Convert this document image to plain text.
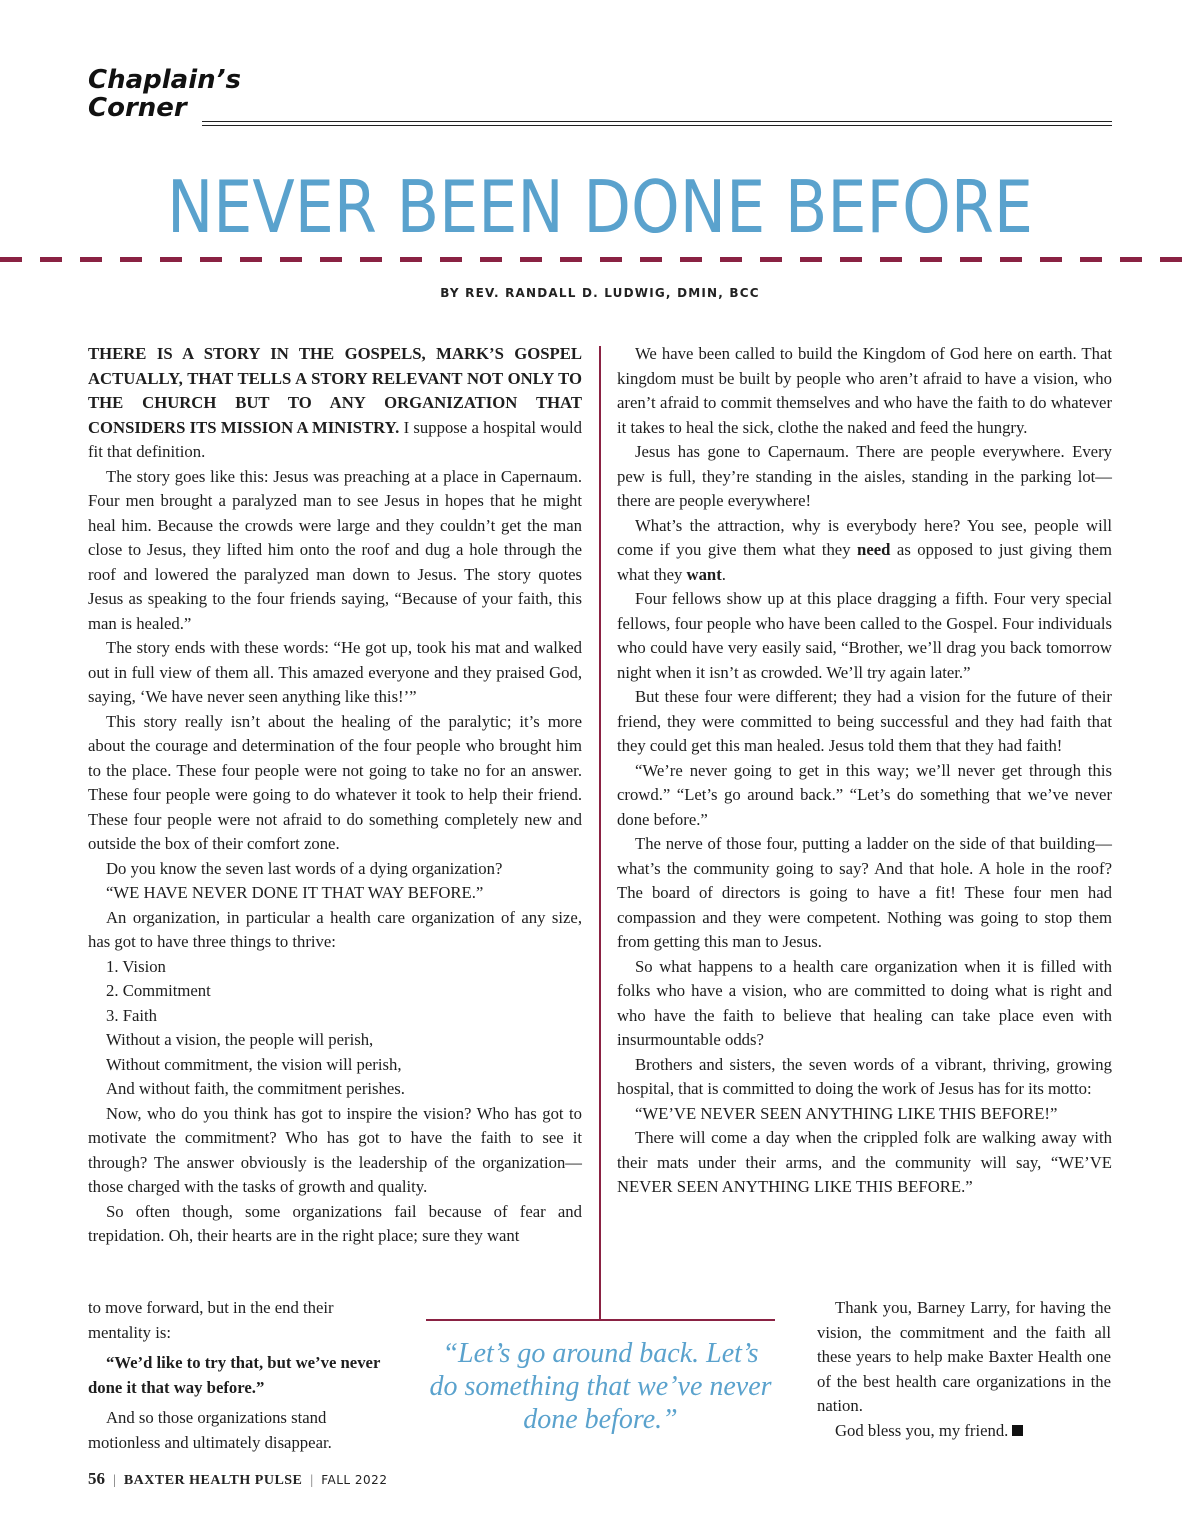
Chaplain’s
Corner
NEVER BEEN DONE BEFORE
BY REV. RANDALL D. LUDWIG, DMIN, BCC

THERE IS A STORY IN THE GOSPELS, MARK’S GOSPEL ACTUALLY, THAT TELLS A STORY RELEVANT NOT ONLY TO THE CHURCH BUT TO ANY ORGANIZATION THAT CONSIDERS ITS MISSION A MINISTRY. I suppose a hospital would fit that definition.

The story goes like this: Jesus was preaching at a place in Capernaum. Four men brought a paralyzed man to see Jesus in hopes that he might heal him. Because the crowds were large and they couldn’t get the man close to Jesus, they lifted him onto the roof and dug a hole through the roof and lowered the paralyzed man down to Jesus. The story quotes Jesus as speaking to the four friends saying, “Because of your faith, this man is healed.”

The story ends with these words: “He got up, took his mat and walked out in full view of them all. This amazed everyone and they praised God, saying, ‘We have never seen anything like this!’”

This story really isn’t about the healing of the paralytic; it’s more about the courage and determination of the four people who brought him to the place. These four people were not going to take no for an answer. These four people were going to do whatever it took to help their friend. These four people were not afraid to do something completely new and outside the box of their comfort zone.

Do you know the seven last words of a dying organization?

“WE HAVE NEVER DONE IT THAT WAY BEFORE.”

An organization, in particular a health care organization of any size, has got to have three things to thrive:

1. Vision

2. Commitment

3. Faith

Without a vision, the people will perish,

Without commitment, the vision will perish,

And without faith, the commitment perishes.

Now, who do you think has got to inspire the vision? Who has got to motivate the commitment? Who has got to have the faith to see it through? The answer obviously is the leadership of the organization—those charged with the tasks of growth and quality.

So often though, some organizations fail because of fear and trepidation. Oh, their hearts are in the right place; sure they want

to move forward, but in the end their mentality is:

“We’d like to try that, but we’ve never done it that way before.”

And so those organizations stand motionless and ultimately disappear.

We have been called to build the Kingdom of God here on earth. That kingdom must be built by people who aren’t afraid to have a vision, who aren’t afraid to commit themselves and who have the faith to do whatever it takes to heal the sick, clothe the naked and feed the hungry.

Jesus has gone to Capernaum. There are people everywhere. Every pew is full, they’re standing in the aisles, standing in the parking lot—there are people everywhere!

What’s the attraction, why is everybody here? You see, people will come if you give them what they need as opposed to just giving them what they want.

Four fellows show up at this place dragging a fifth. Four very special fellows, four people who have been called to the Gospel. Four individuals who could have very easily said, “Brother, we’ll drag you back tomorrow night when it isn’t as crowded. We’ll try again later.”

But these four were different; they had a vision for the future of their friend, they were committed to being successful and they had faith that they could get this man healed. Jesus told them that they had faith!

“We’re never going to get in this way; we’ll never get through this crowd.” “Let’s go around back.” “Let’s do something that we’ve never done before.”

The nerve of those four, putting a ladder on the side of that building—what’s the community going to say? And that hole. A hole in the roof? The board of directors is going to have a fit! These four men had compassion and they were competent. Nothing was going to stop them from getting this man to Jesus.

So what happens to a health care organization when it is filled with folks who have a vision, who are committed to doing what is right and who have the faith to believe that healing can take place even with insurmountable odds?

Brothers and sisters, the seven words of a vibrant, thriving, growing hospital, that is committed to doing the work of Jesus has for its motto:

“WE’VE NEVER SEEN ANYTHING LIKE THIS BEFORE!”

There will come a day when the crippled folk are walking away with their mats under their arms, and the community will say, “WE’VE NEVER SEEN ANYTHING LIKE THIS BEFORE.”

“Let’s go around back. Let’s do something that we’ve never done before.”

Thank you, Barney Larry, for having the vision, the commitment and the faith all these years to help make Baxter Health one of the best health care organizations in the nation.

God bless you, my friend.

56 | BAXTER HEALTH PULSE | FALL 2022
